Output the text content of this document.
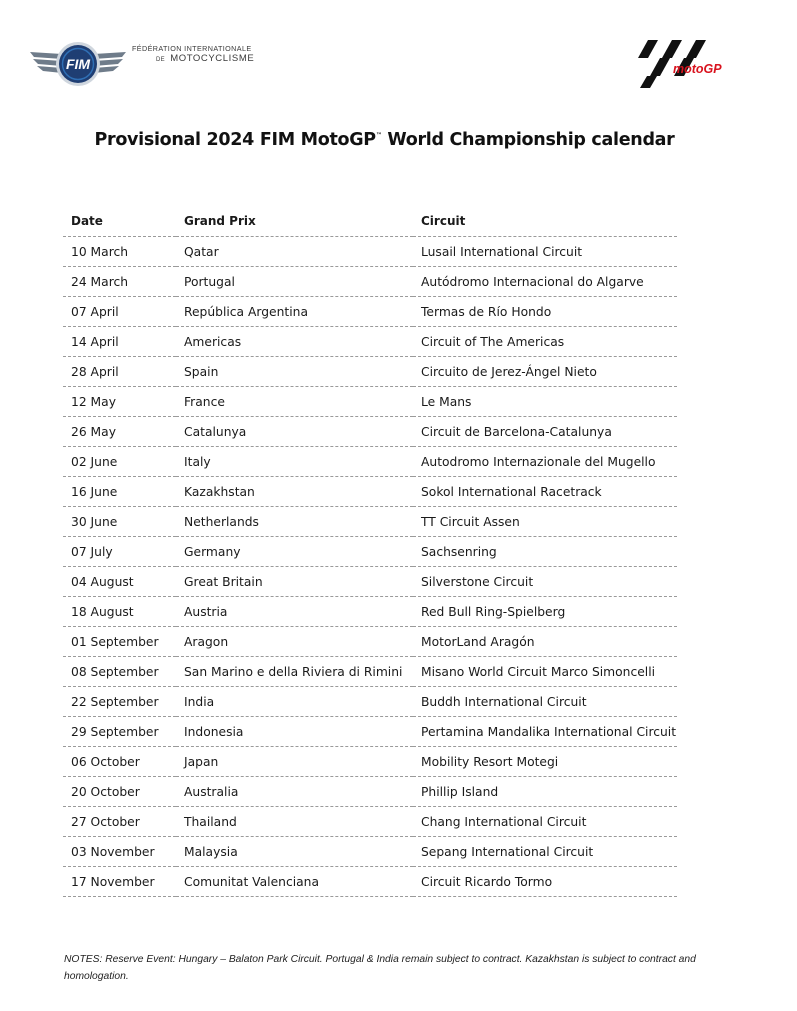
FIM
FÉDÉRATION INTERNATIONALE
DE MOTOCYCLISME
motoGP
Provisional 2024 FIM MotoGP™ World Championship calendar
Date	Grand Prix	Circuit
10 March	Qatar	Lusail International Circuit
24 March	Portugal	Autódromo Internacional do Algarve
07 April	República Argentina	Termas de Río Hondo
14 April	Americas	Circuit of The Americas
28 April	Spain	Circuito de Jerez-Ángel Nieto
12 May	France	Le Mans
26 May	Catalunya	Circuit de Barcelona-Catalunya
02 June	Italy	Autodromo Internazionale del Mugello
16 June	Kazakhstan	Sokol International Racetrack
30 June	Netherlands	TT Circuit Assen
07 July	Germany	Sachsenring
04 August	Great Britain	Silverstone Circuit
18 August	Austria	Red Bull Ring-Spielberg
01 September	Aragon	MotorLand Aragón
08 September	San Marino e della Riviera di Rimini	Misano World Circuit Marco Simoncelli
22 September	India	Buddh International Circuit
29 September	Indonesia	Pertamina Mandalika International Circuit
06 October	Japan	Mobility Resort Motegi
20 October	Australia	Phillip Island
27 October	Thailand	Chang International Circuit
03 November	Malaysia	Sepang International Circuit
17 November	Comunitat Valenciana	Circuit Ricardo Tormo
NOTES: Reserve Event: Hungary – Balaton Park Circuit. Portugal & India remain subject to contract. Kazakhstan is subject to contract and homologation.
